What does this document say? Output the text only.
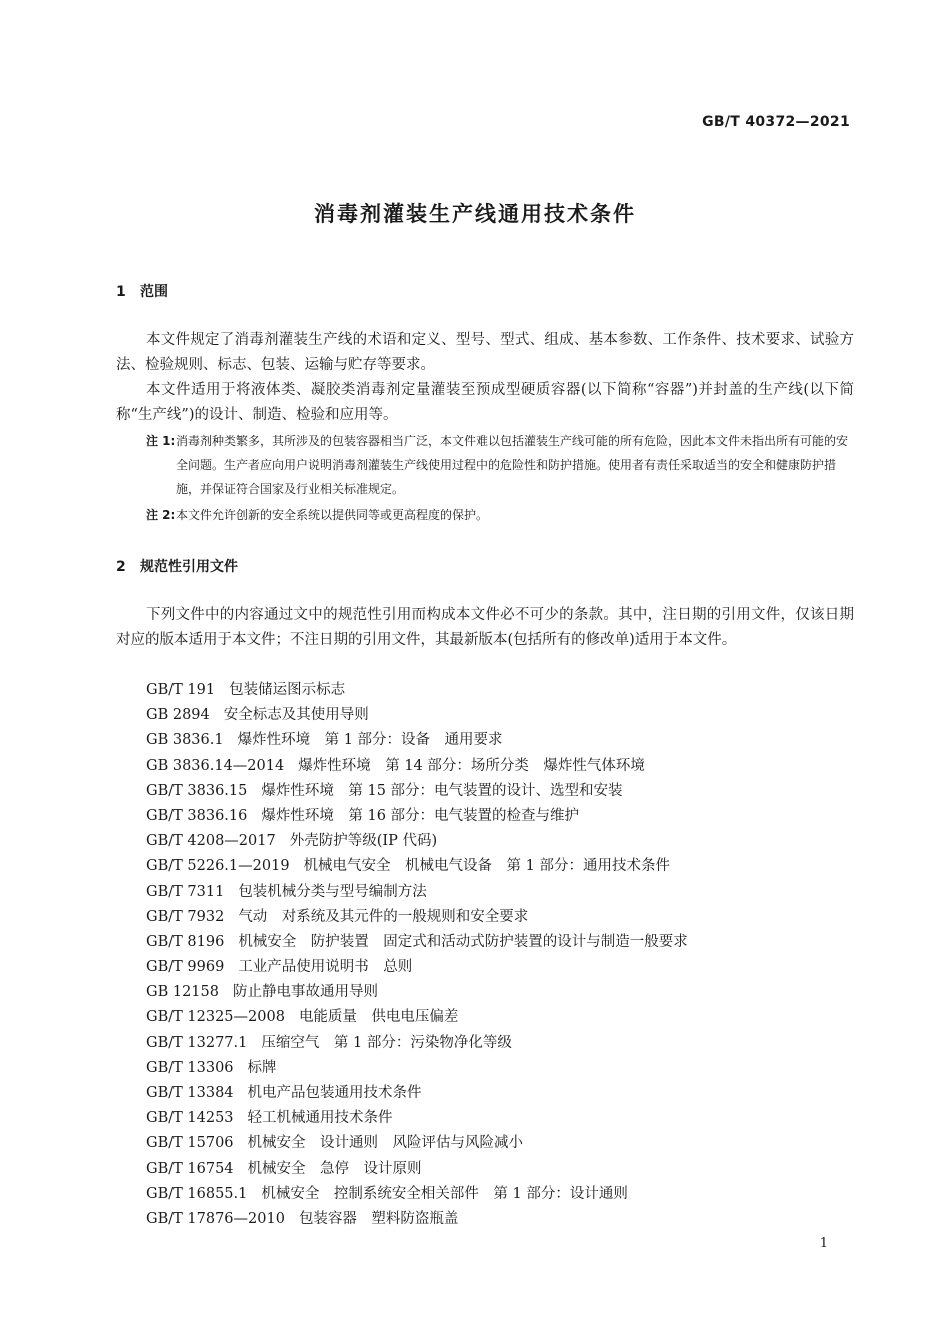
GB/T 40372—2021
消毒剂灌装生产线通用技术条件
1 范围

本文件规定了消毒剂灌装生产线的术语和定义、型号、型式、组成、基本参数、工作条件、技术要求、试验方法、检验规则、标志、包装、运输与贮存等要求。

本文件适用于将液体类、凝胶类消毒剂定量灌装至预成型硬质容器(以下简称“容器”)并封盖的生产线(以下简称“生产线”)的设计、制造、检验和应用等。

注 1: 消毒剂种类繁多，其所涉及的包装容器相当广泛，本文件难以包括灌装生产线可能的所有危险，因此本文件未指出所有可能的安全问题。生产者应向用户说明消毒剂灌装生产线使用过程中的危险性和防护措施。使用者有责任采取适当的安全和健康防护措施，并保证符合国家及行业相关标准规定。

注 2: 本文件允许创新的安全系统以提供同等或更高程度的保护。

2 规范性引用文件

下列文件中的内容通过文中的规范性引用而构成本文件必不可少的条款。其中，注日期的引用文件，仅该日期对应的版本适用于本文件；不注日期的引用文件，其最新版本(包括所有的修改单)适用于本文件。

GB/T 191 包装储运图示标志
GB 2894 安全标志及其使用导则
GB 3836.1 爆炸性环境　第 1 部分：设备　通用要求
GB 3836.14—2014 爆炸性环境　第 14 部分：场所分类　爆炸性气体环境
GB/T 3836.15 爆炸性环境　第 15 部分：电气装置的设计、选型和安装
GB/T 3836.16 爆炸性环境　第 16 部分：电气装置的检查与维护
GB/T 4208—2017 外壳防护等级(IP 代码)
GB/T 5226.1—2019 机械电气安全　机械电气设备　第 1 部分：通用技术条件
GB/T 7311 包装机械分类与型号编制方法
GB/T 7932 气动　对系统及其元件的一般规则和安全要求
GB/T 8196 机械安全　防护装置　固定式和活动式防护装置的设计与制造一般要求
GB/T 9969 工业产品使用说明书　总则
GB 12158 防止静电事故通用导则
GB/T 12325—2008 电能质量　供电电压偏差
GB/T 13277.1 压缩空气　第 1 部分：污染物净化等级
GB/T 13306 标牌
GB/T 13384 机电产品包装通用技术条件
GB/T 14253 轻工机械通用技术条件
GB/T 15706 机械安全　设计通则　风险评估与风险减小
GB/T 16754 机械安全　急停　设计原则
GB/T 16855.1 机械安全　控制系统安全相关部件　第 1 部分：设计通则
GB/T 17876—2010 包装容器　塑料防盗瓶盖
1
